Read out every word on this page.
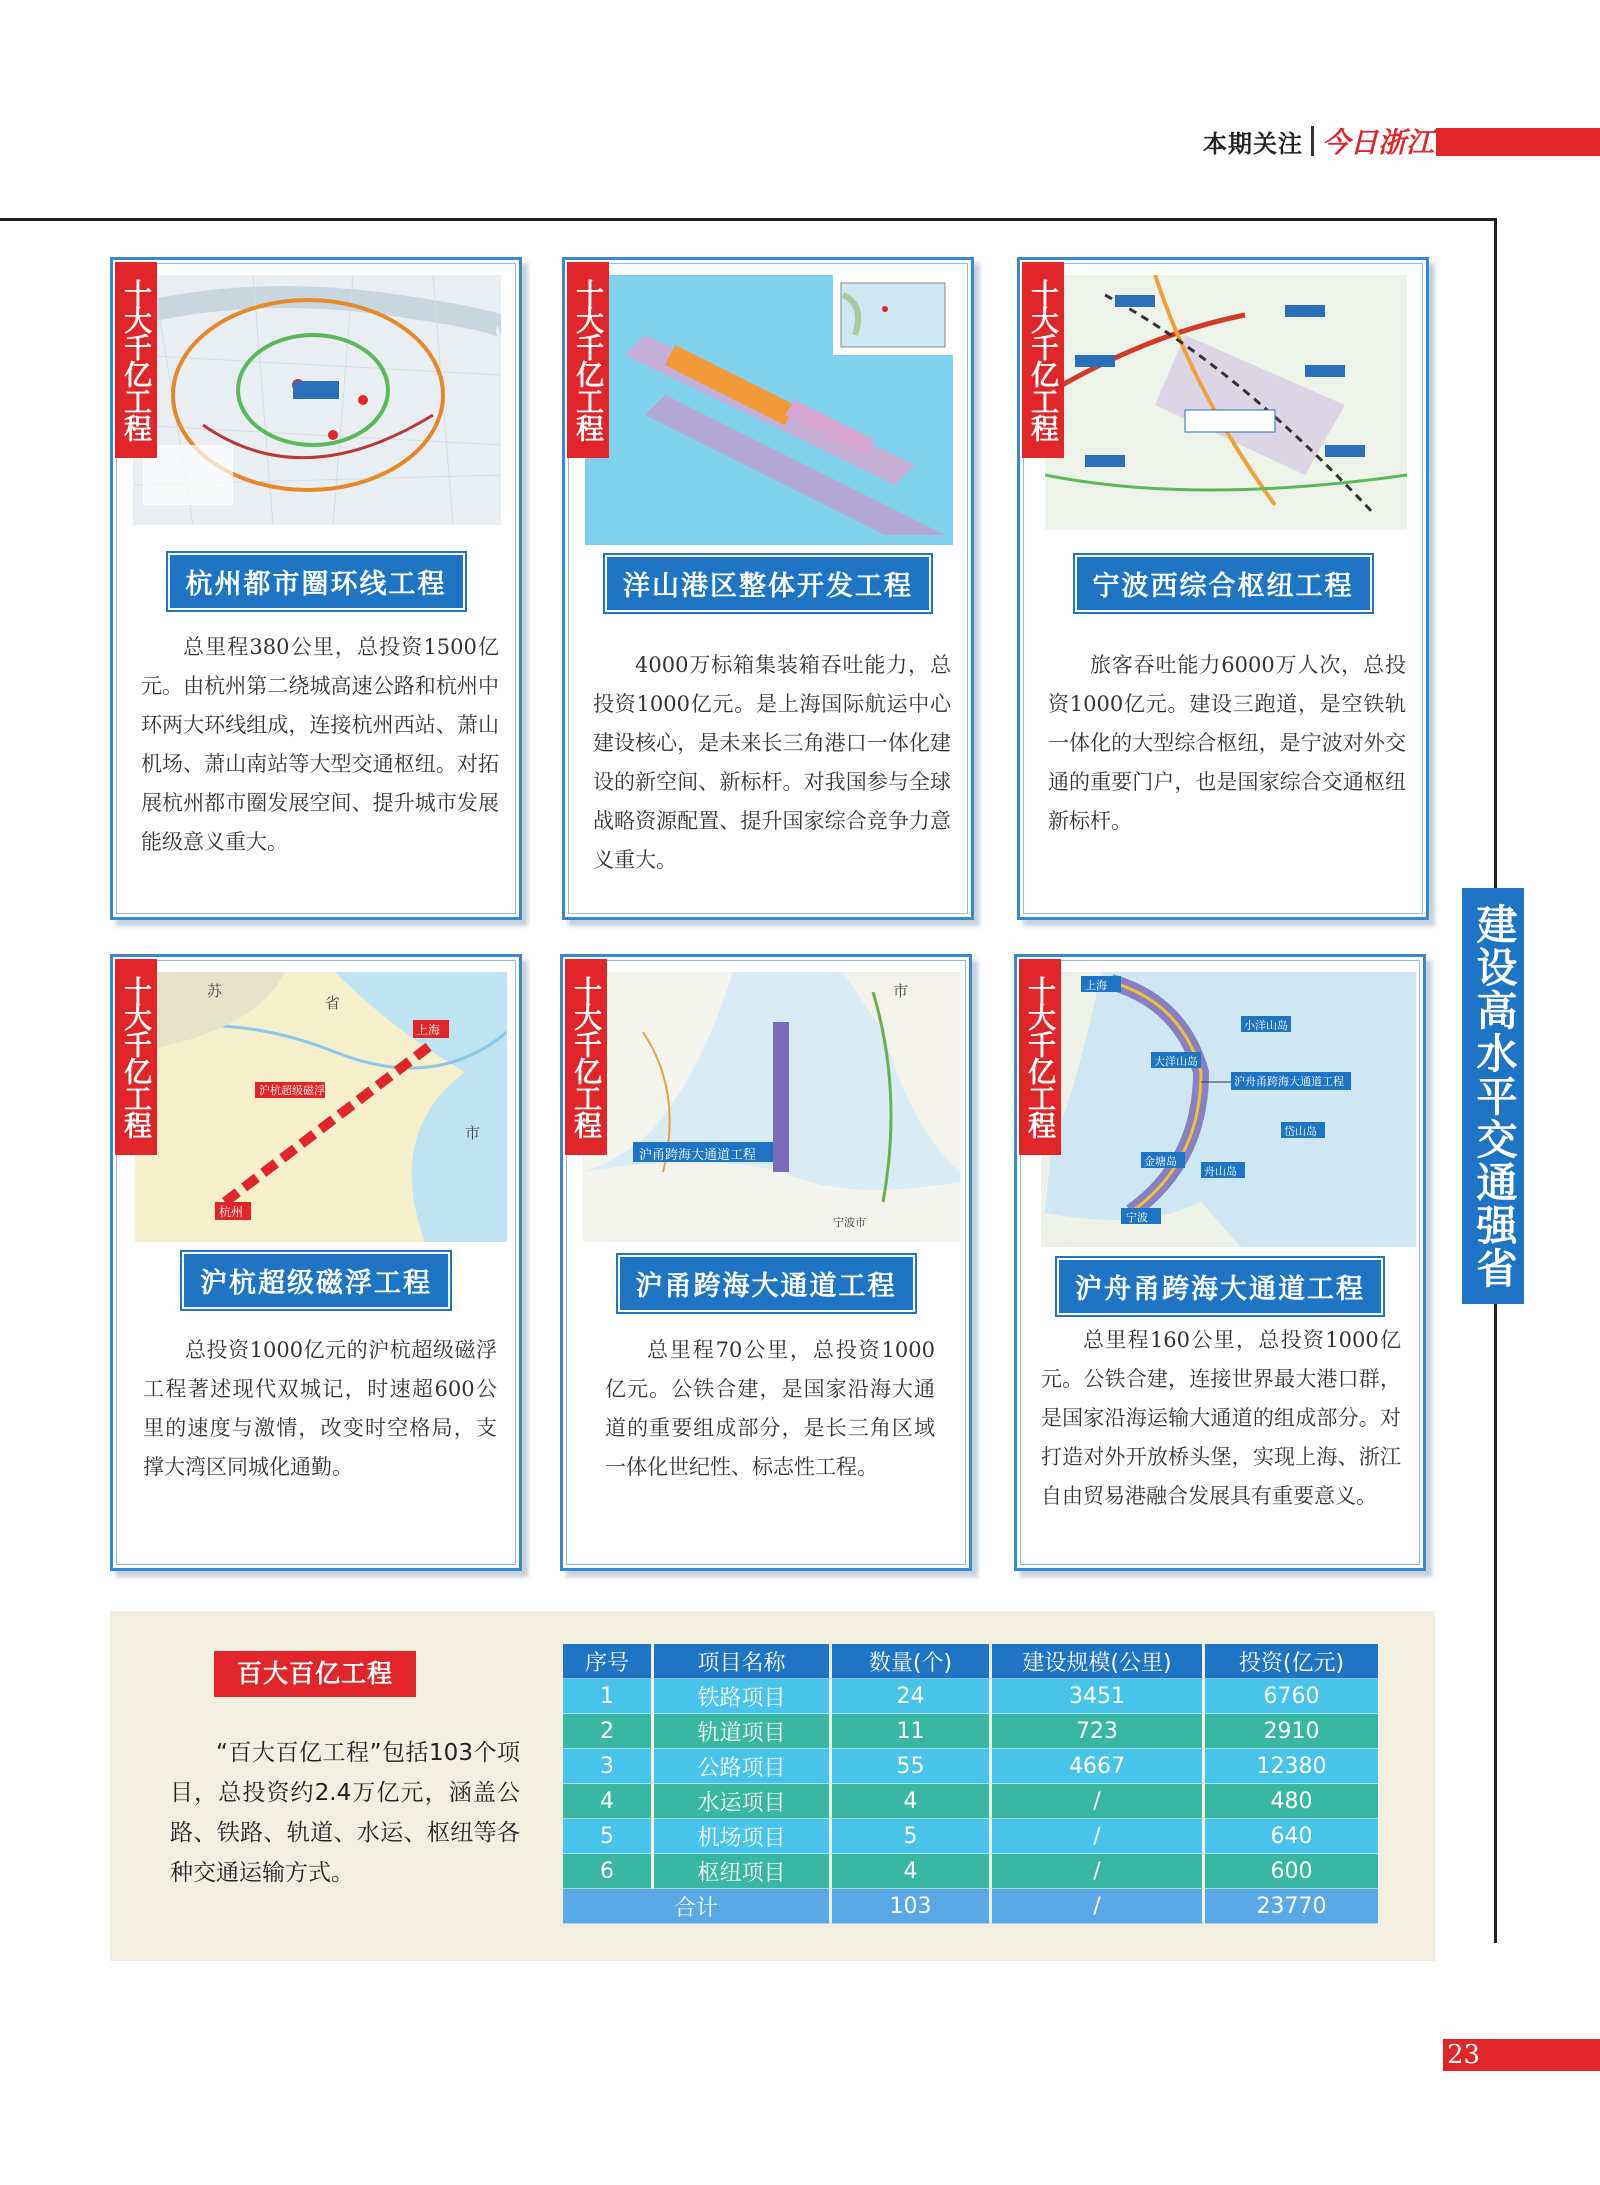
本期关注 今日浙江
建设高水平交通强省
十大千亿工程
杭州都市圈环线工程
总里程380公里，总投资1500亿元。由杭州第二绕城高速公路和杭州中环两大环线组成，连接杭州西站、萧山机场、萧山南站等大型交通枢纽。对拓展杭州都市圈发展空间、提升城市发展能级意义重大。
十大千亿工程
洋山港区整体开发工程
4000万标箱集装箱吞吐能力，总投资1000亿元。是上海国际航运中心建设核心，是未来长三角港口一体化建设的新空间、新标杆。对我国参与全球战略资源配置、提升国家综合竞争力意义重大。
十大千亿工程
宁波西综合枢纽工程
旅客吞吐能力6000万人次，总投资1000亿元。建设三跑道，是空铁轨一体化的大型综合枢纽，是宁波对外交通的重要门户，也是国家综合交通枢纽新标杆。
十大千亿工程	苏
省
上海
杭州
市
沪杭超级磁浮
沪杭超级磁浮工程
总投资1000亿元的沪杭超级磁浮工程著述现代双城记，时速超600公里的速度与激情，改变时空格局，支撑大湾区同城化通勤。
十大千亿工程	市
沪甬跨海大通道工程
宁波市
沪甬跨海大通道工程
总里程70公里，总投资1000亿元。公铁合建，是国家沿海大通道的重要组成部分，是长三角区域一体化世纪性、标志性工程。
十大千亿工程	上海
小洋山岛
大洋山岛
沪舟甬跨海大通道工程
岱山岛
金塘岛
舟山岛
宁波
沪舟甬跨海大通道工程
总里程160公里，总投资1000亿元。公铁合建，连接世界最大港口群，是国家沿海运输大通道的组成部分。对打造对外开放桥头堡，实现上海、浙江自由贸易港融合发展具有重要意义。
百大百亿工程
“百大百亿工程”包括103个项目，总投资约2.4万亿元，涵盖公路、铁路、轨道、水运、枢纽等各种交通运输方式。
序号	项目名称	数量(个)	建设规模(公里)	投资(亿元)
1	铁路项目	24	3451	6760
2	轨道项目	11	723	2910
3	公路项目	55	4667	12380
4	水运项目	4	/	480
5	机场项目	5	/	640
6	枢纽项目	4	/	600
合计		103	/	23770
23
